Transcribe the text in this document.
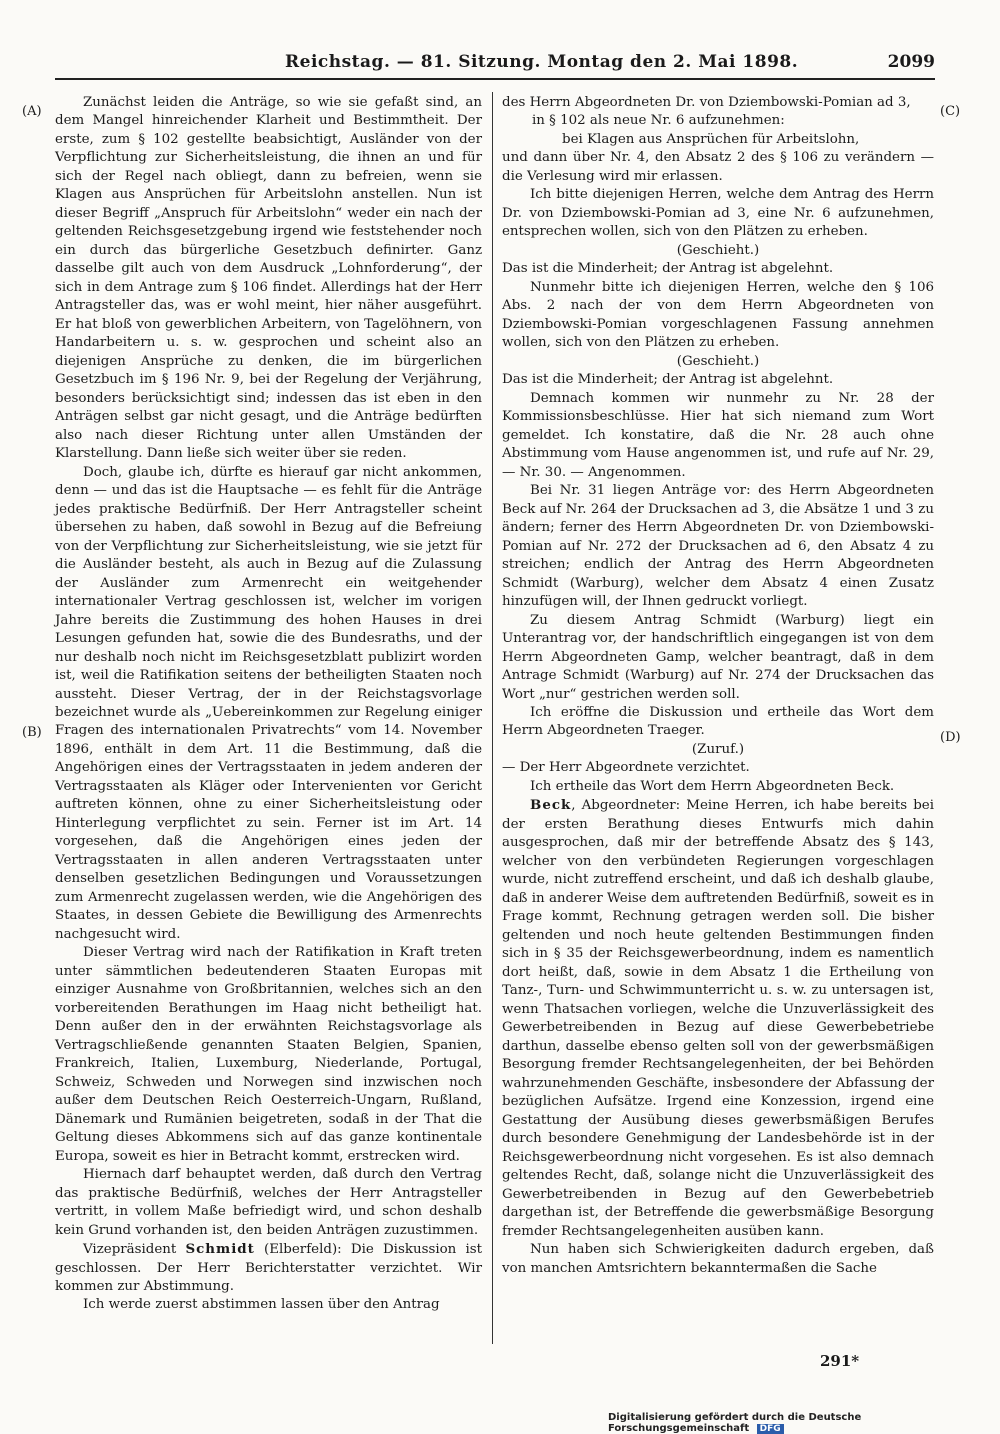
Reichstag. — 81. Sitzung. Montag den 2. Mai 1898.	2099
(A)
(B)
(C)
(D)

Zunächst leiden die Anträge, so wie sie gefaßt sind, an dem Mangel hinreichender Klarheit und Bestimmtheit. Der erste, zum § 102 gestellte beabsichtigt, Ausländer von der Verpflichtung zur Sicherheitsleistung, die ihnen an und für sich der Regel nach obliegt, dann zu befreien, wenn sie Klagen aus Ansprüchen für Arbeitslohn anstellen. Nun ist dieser Begriff „Anspruch für Arbeitslohn“ weder ein nach der geltenden Reichsgesetzgebung irgend wie feststehender noch ein durch das bürgerliche Gesetzbuch definirter. Ganz dasselbe gilt auch von dem Ausdruck „Lohnforderung“, der sich in dem Antrage zum § 106 findet. Allerdings hat der Herr Antragsteller das, was er wohl meint, hier näher ausgeführt. Er hat bloß von gewerblichen Arbeitern, von Tagelöhnern, von Handarbeitern u. s. w. gesprochen und scheint also an diejenigen Ansprüche zu denken, die im bürgerlichen Gesetzbuch im § 196 Nr. 9, bei der Regelung der Verjährung, besonders berücksichtigt sind; indessen das ist eben in den Anträgen selbst gar nicht gesagt, und die Anträge bedürften also nach dieser Richtung unter allen Umständen der Klarstellung. Dann ließe sich weiter über sie reden.

Doch, glaube ich, dürfte es hierauf gar nicht ankommen, denn — und das ist die Hauptsache — es fehlt für die Anträge jedes praktische Bedürfniß. Der Herr Antragsteller scheint übersehen zu haben, daß sowohl in Bezug auf die Befreiung von der Verpflichtung zur Sicherheitsleistung, wie sie jetzt für die Ausländer besteht, als auch in Bezug auf die Zulassung der Ausländer zum Armenrecht ein weitgehender internationaler Vertrag geschlossen ist, welcher im vorigen Jahre bereits die Zustimmung des hohen Hauses in drei Lesungen gefunden hat, sowie die des Bundesraths, und der nur deshalb noch nicht im Reichsgesetzblatt publizirt worden ist, weil die Ratifikation seitens der betheiligten Staaten noch aussteht. Dieser Vertrag, der in der Reichstagsvorlage bezeichnet wurde als „Uebereinkommen zur Regelung einiger Fragen des internationalen Privatrechts“ vom 14. November 1896, enthält in dem Art. 11 die Bestimmung, daß die Angehörigen eines der Vertragsstaaten in jedem anderen der Vertragsstaaten als Kläger oder Intervenienten vor Gericht auftreten können, ohne zu einer Sicherheitsleistung oder Hinterlegung verpflichtet zu sein. Ferner ist im Art. 14 vorgesehen, daß die Angehörigen eines jeden der Vertragsstaaten in allen anderen Vertragsstaaten unter denselben gesetzlichen Bedingungen und Voraussetzungen zum Armenrecht zugelassen werden, wie die Angehörigen des Staates, in dessen Gebiete die Bewilligung des Armenrechts nachgesucht wird.

Dieser Vertrag wird nach der Ratifikation in Kraft treten unter sämmtlichen bedeutenderen Staaten Europas mit einziger Ausnahme von Großbritannien, welches sich an den vorbereitenden Berathungen im Haag nicht betheiligt hat. Denn außer den in der erwähnten Reichstagsvorlage als Vertragschließende genannten Staaten Belgien, Spanien, Frankreich, Italien, Luxemburg, Niederlande, Portugal, Schweiz, Schweden und Norwegen sind inzwischen noch außer dem Deutschen Reich Oesterreich-Ungarn, Rußland, Dänemark und Rumänien beigetreten, sodaß in der That die Geltung dieses Abkommens sich auf das ganze kontinentale Europa, soweit es hier in Betracht kommt, erstrecken wird.

Hiernach darf behauptet werden, daß durch den Vertrag das praktische Bedürfniß, welches der Herr Antragsteller vertritt, in vollem Maße befriedigt wird, und schon deshalb kein Grund vorhanden ist, den beiden Anträgen zuzustimmen.

Vizepräsident Schmidt (Elberfeld): Die Diskussion ist geschlossen. Der Herr Berichterstatter verzichtet. Wir kommen zur Abstimmung.

Ich werde zuerst abstimmen lassen über den Antrag

des Herrn Abgeordneten Dr. von Dziembowski-Pomian ad 3,

in § 102 als neue Nr. 6 aufzunehmen:

bei Klagen aus Ansprüchen für Arbeitslohn,

und dann über Nr. 4, den Absatz 2 des § 106 zu verändern — die Verlesung wird mir erlassen.

Ich bitte diejenigen Herren, welche dem Antrag des Herrn Dr. von Dziembowski-Pomian ad 3, eine Nr. 6 aufzunehmen, entsprechen wollen, sich von den Plätzen zu erheben.

(Geschieht.)

Das ist die Minderheit; der Antrag ist abgelehnt.

Nunmehr bitte ich diejenigen Herren, welche den § 106 Abs. 2 nach der von dem Herrn Abgeordneten von Dziembowski-Pomian vorgeschlagenen Fassung annehmen wollen, sich von den Plätzen zu erheben.

(Geschieht.)

Das ist die Minderheit; der Antrag ist abgelehnt.

Demnach kommen wir nunmehr zu Nr. 28 der Kommissionsbeschlüsse. Hier hat sich niemand zum Wort gemeldet. Ich konstatire, daß die Nr. 28 auch ohne Abstimmung vom Hause angenommen ist, und rufe auf Nr. 29, — Nr. 30. — Angenommen.

Bei Nr. 31 liegen Anträge vor: des Herrn Abgeordneten Beck auf Nr. 264 der Drucksachen ad 3, die Absätze 1 und 3 zu ändern; ferner des Herrn Abgeordneten Dr. von Dziembowski-Pomian auf Nr. 272 der Drucksachen ad 6, den Absatz 4 zu streichen; endlich der Antrag des Herrn Abgeordneten Schmidt (Warburg), welcher dem Absatz 4 einen Zusatz hinzufügen will, der Ihnen gedruckt vorliegt.

Zu diesem Antrag Schmidt (Warburg) liegt ein Unterantrag vor, der handschriftlich eingegangen ist von dem Herrn Abgeordneten Gamp, welcher beantragt, daß in dem Antrage Schmidt (Warburg) auf Nr. 274 der Drucksachen das Wort „nur“ gestrichen werden soll.

Ich eröffne die Diskussion und ertheile das Wort dem Herrn Abgeordneten Traeger.

(Zuruf.)

— Der Herr Abgeordnete verzichtet.

Ich ertheile das Wort dem Herrn Abgeordneten Beck.

Beck, Abgeordneter: Meine Herren, ich habe bereits bei der ersten Berathung dieses Entwurfs mich dahin ausgesprochen, daß mir der betreffende Absatz des § 143, welcher von den verbündeten Regierungen vorgeschlagen wurde, nicht zutreffend erscheint, und daß ich deshalb glaube, daß in anderer Weise dem auftretenden Bedürfniß, soweit es in Frage kommt, Rechnung getragen werden soll. Die bisher geltenden und noch heute geltenden Bestimmungen finden sich in § 35 der Reichsgewerbeordnung, indem es namentlich dort heißt, daß, sowie in dem Absatz 1 die Ertheilung von Tanz-, Turn- und Schwimmunterricht u. s. w. zu untersagen ist, wenn Thatsachen vorliegen, welche die Unzuverlässigkeit des Gewerbetreibenden in Bezug auf diese Gewerbebetriebe darthun, dasselbe ebenso gelten soll von der gewerbsmäßigen Besorgung fremder Rechtsangelegenheiten, der bei Behörden wahrzunehmenden Geschäfte, insbesondere der Abfassung der bezüglichen Aufsätze. Irgend eine Konzession, irgend eine Gestattung der Ausübung dieses gewerbsmäßigen Berufes durch besondere Genehmigung der Landesbehörde ist in der Reichsgewerbeordnung nicht vorgesehen. Es ist also demnach geltendes Recht, daß, solange nicht die Unzuverlässigkeit des Gewerbetreibenden in Bezug auf den Gewerbebetrieb dargethan ist, der Betreffende die gewerbsmäßige Besorgung fremder Rechtsangelegenheiten ausüben kann.

Nun haben sich Schwierigkeiten dadurch ergeben, daß von manchen Amtsrichtern bekanntermaßen die Sache

291*
Digitalisierung gefördert durch die Deutsche Forschungsgemeinschaft DFG
